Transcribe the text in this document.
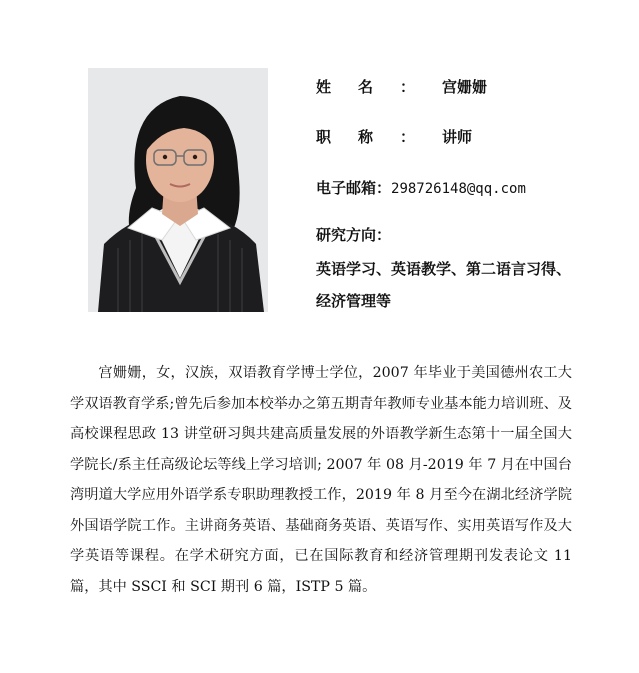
姓名：宫姗姗
职称：讲师
电子邮箱：298726148@qq.com
研究方向：
英语学习、英语教学、第二语言习得、
经济管理等

宫姗姗，女，汉族，双语教育学博士学位，2007 年毕业于美国德州农工大学双语教育学系;曾先后参加本校举办之第五期青年教师专业基本能力培训班、及高校课程思政 13 讲堂研习與共建高质量发展的外语教学新生态第十一届全国大学院长/系主任高级论坛等线上学习培训; 2007 年 08 月-2019 年 7 月在中国台湾明道大学应用外语学系专职助理教授工作，2019 年 8 月至今在湖北经济学院外国语学院工作。主讲商务英语、基础商务英语、英语写作、实用英语写作及大学英语等课程。在学术研究方面，已在国际教育和经济管理期刊发表论文 11 篇，其中 SSCI 和 SCI 期刊 6 篇，ISTP 5 篇。
